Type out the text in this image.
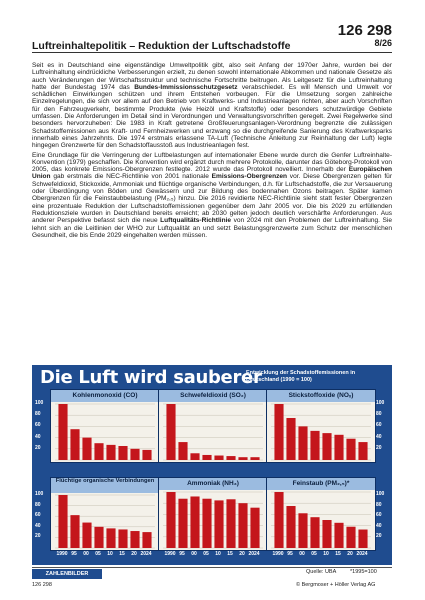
Luftreinhaltepolitik – Reduktion der Luftschadstoffe
126 298
8/26

Seit es in Deutschland eine eigenständige Umweltpolitik gibt, also seit Anfang der 1970er Jahre, wurden bei der Luftreinhaltung eindrückliche Verbesserungen erzielt, zu denen sowohl internationale Abkommen und nationale Gesetze als auch Veränderungen der Wirtschaftsstruktur und technische Fortschritte beitrugen. Als Leitgesetz für die Luftreinhaltung hatte der Bundestag 1974 das Bundes-Immissionsschutzgesetz verabschiedet. Es will Mensch und Umwelt vor schädlichen Einwirkungen schützen und ihrem Entstehen vorbeugen. Für die Umsetzung sorgen zahlreiche Einzelregelungen, die sich vor allem auf den Betrieb von Kraftwerks- und Industrieanlagen richten, aber auch Vorschriften für den Fahrzeugverkehr, bestimmte Produkte (wie Heizöl und Kraftstoffe) oder besonders schutzwürdige Gebiete umfassen. Die Anforderungen im Detail sind in Verordnungen und Verwaltungsvorschriften geregelt. Zwei Regelwerke sind besonders hervorzuheben: Die 1983 in Kraft getretene Großfeuerungsanlagen-Verordnung begrenzte die zulässigen Schadstoffemissionen aus Kraft- und Fernheizwerken und erzwang so die durchgreifende Sanierung des Kraftwerksparks innerhalb eines Jahrzehnts. Die 1974 erstmals erlassene TA-Luft (Technische Anleitung zur Reinhaltung der Luft) legte hingegen Grenzwerte für den Schadstoffausstoß aus Industrieanlagen fest.

Eine Grundlage für die Verringerung der Luftbelastungen auf internationaler Ebene wurde durch die Genfer Luftreinhalte-Konvention (1979) geschaffen. Die Konvention wird ergänzt durch mehrere Protokolle, darunter das Göteborg-Protokoll von 2005, das konkrete Emissions-Obergrenzen festlegte. 2012 wurde das Protokoll novelliert. Innerhalb der Europäischen Union gab erstmals die NEC-Richtlinie von 2001 nationale Emissions-Obergrenzen vor. Diese Obergrenzen gelten für Schwefeldioxid, Stickoxide, Ammoniak und flüchtige organische Verbindungen, d.h. für Luftschadstoffe, die zur Versauerung oder Überdüngung von Böden und Gewässern und zur Bildung des bodennahen Ozons beitragen. Später kamen Obergrenzen für die Feinstaubbelastung (PM₂,₅) hinzu. Die 2016 revidierte NEC-Richtlinie sieht statt fester Obergrenzen eine prozentuale Reduktion der Luftschadstoffemissionen gegenüber dem Jahr 2005 vor. Die bis 2029 zu erfüllenden Reduktionsziele wurden in Deutschland bereits erreicht; ab 2030 gelten jedoch deutlich verschärfte Anforderungen. Aus anderer Perspektive befasst sich die neue Luftqualitäts-Richtlinie von 2024 mit den Problemen der Luftreinhaltung. Sie lehnt sich an die Leitlinien der WHO zur Luftqualität an und setzt Belastungsgrenzwerte zum Schutz der menschlichen Gesundheit, die bis Ende 2029 eingehalten werden müssen.

Die Luft wird sauberer
Entwicklung der Schadstoffemissionen in Deutschland (1990 = 100)
Kohlenmonoxid (CO)	Schwefeldioxid (SO₂)	Stickstoffoxide (NOₓ)
Flüchtige organische Verbindungen	Ammoniak (NH₃)	Feinstaub (PM₂,₅)*
20	20
40	40
60	60
80	80
100	100
20	20
40	40
60	60
80	80
100	100
1990 95	00	05	10	15	20 2024	1990 95	00	05	10	15	20 2024	1990 95	00	05	10	15	20 2024
ZAHLENBILDER
126 298
Quelle: UBA *1995=100
© Bergmoser + Höller Verlag AG
